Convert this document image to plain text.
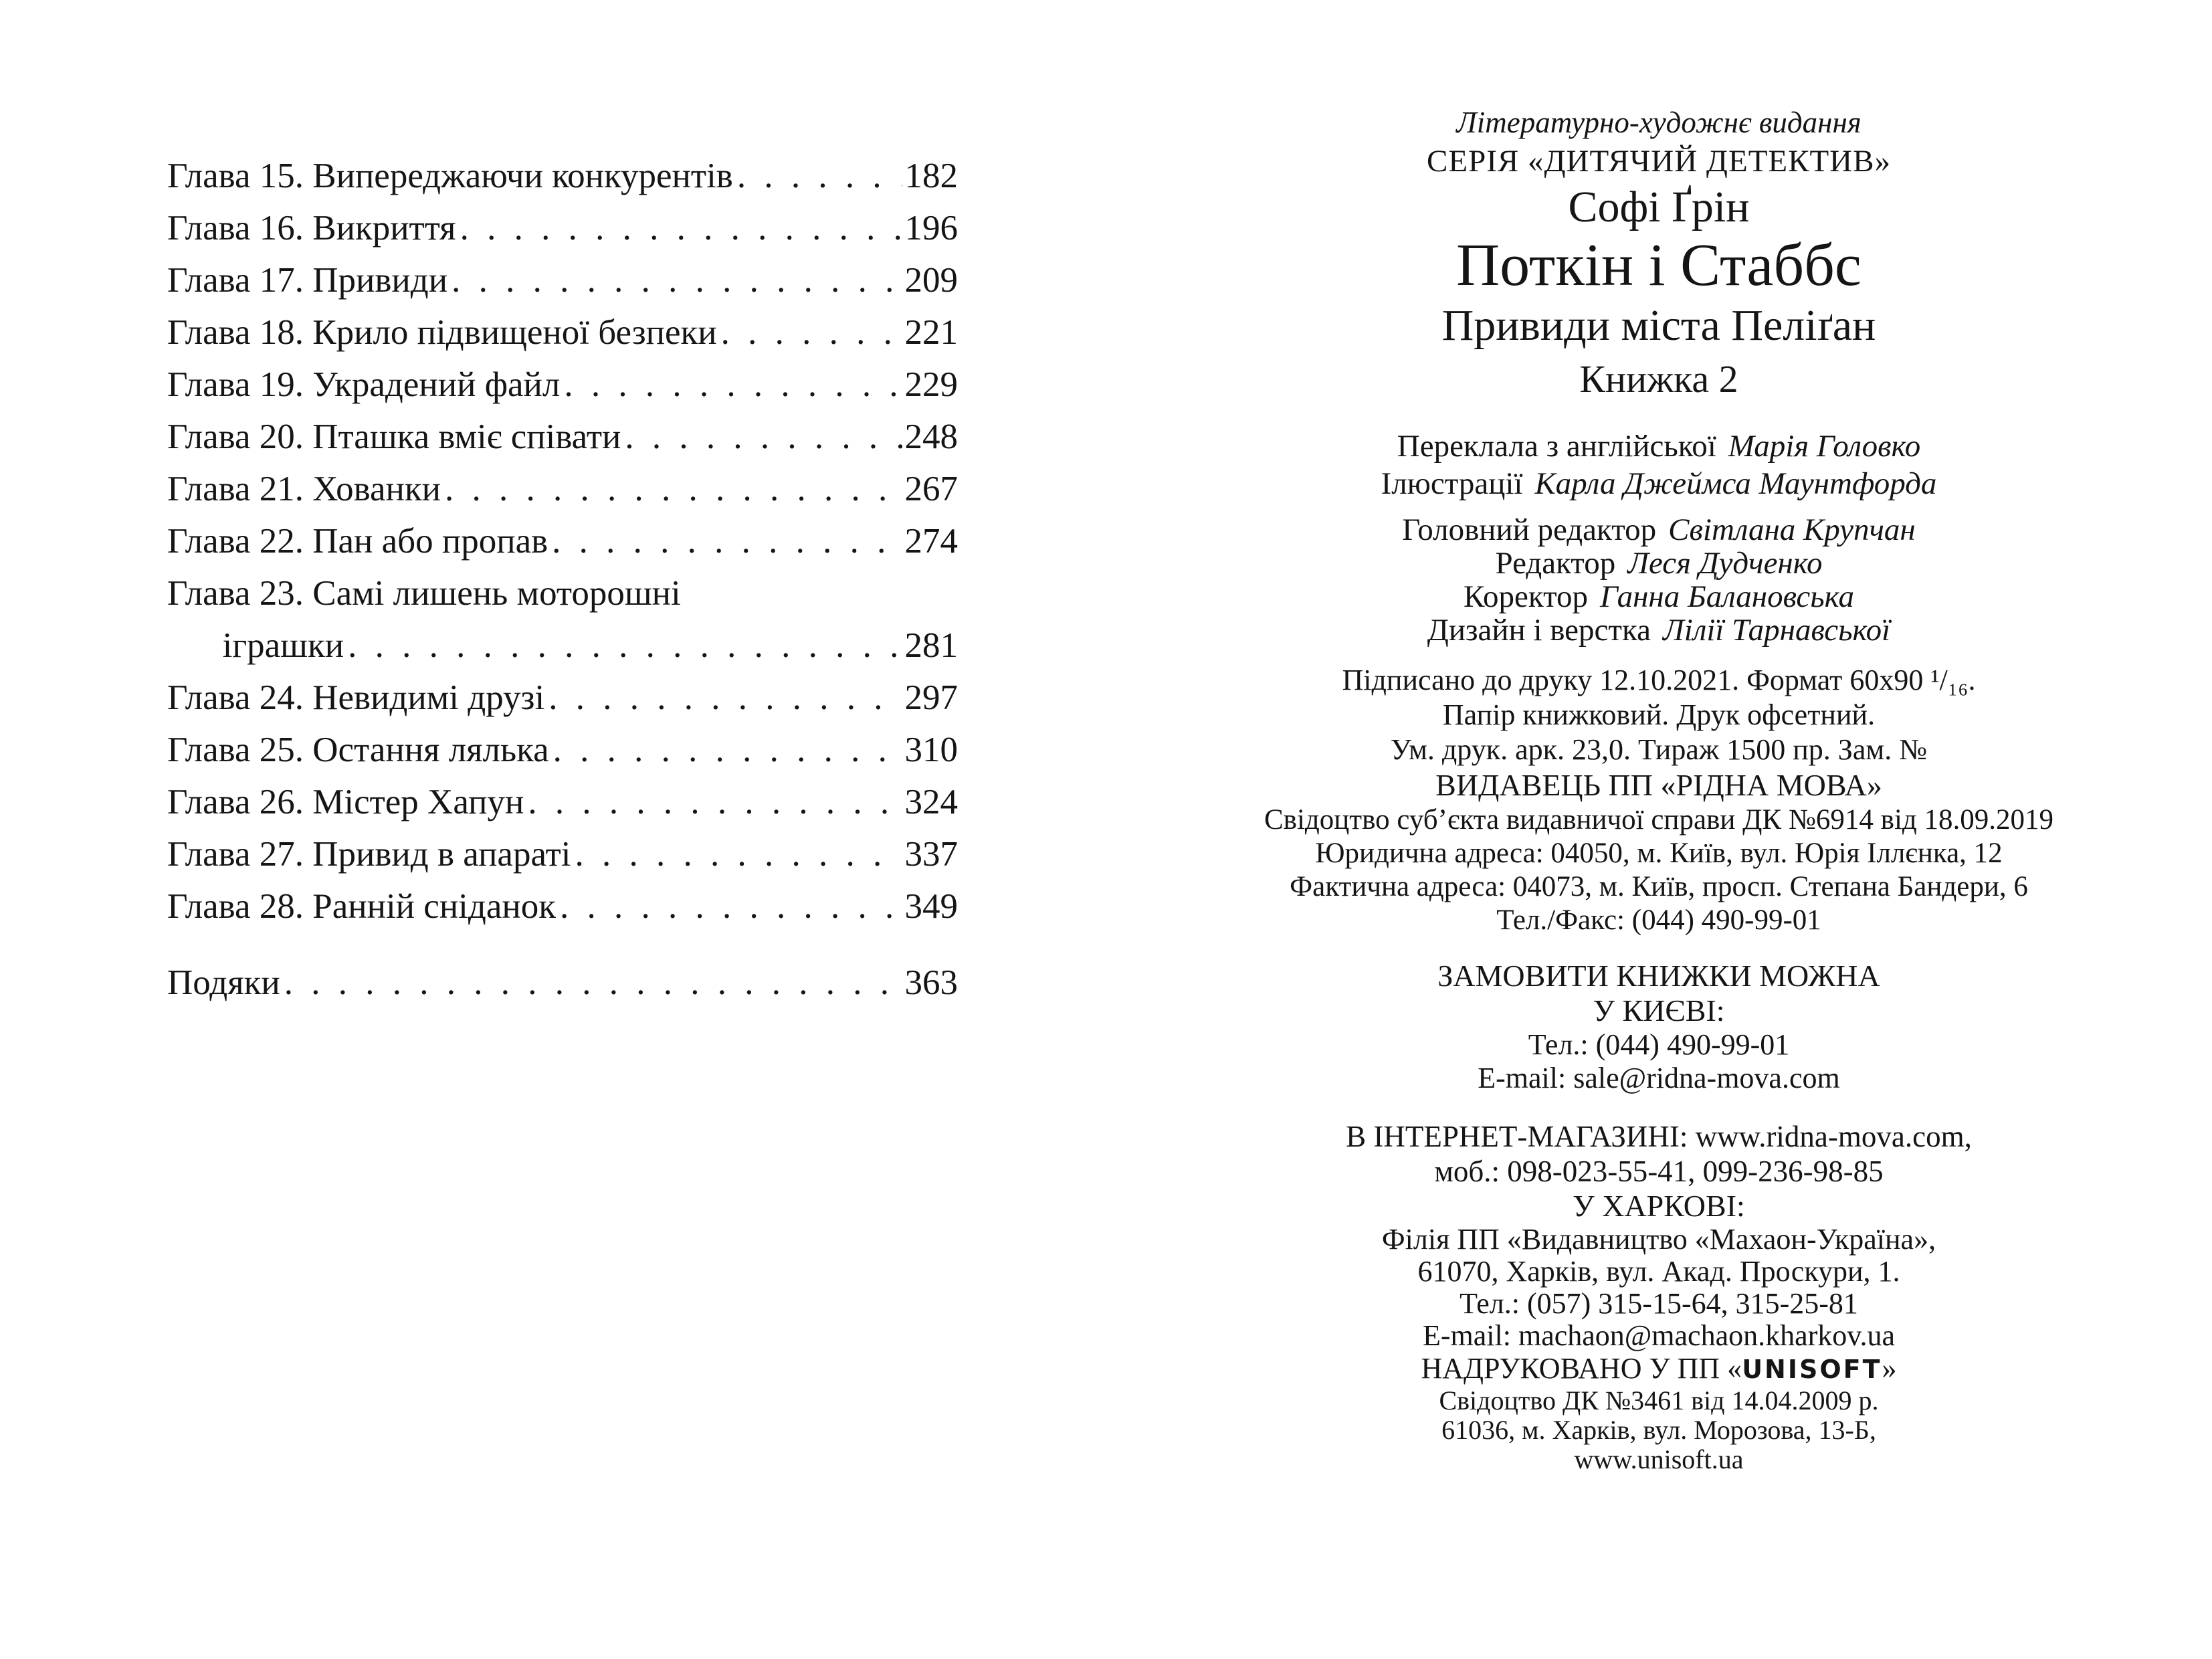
Глава 15. Випереджаючи конкурентів . . .	182
Глава 16. Викриття . . .	196
Глава 17. Привиди . . .	209
Глава 18. Крило підвищеної безпеки . . .	221
Глава 19. Украдений файл . . .	229
Глава 20. Пташка вміє співати . . .	248
Глава 21. Хованки . . .	267
Глава 22. Пан або пропав . . .	274
Глава 23. Самі лишень моторошні
іграшки . . .	281
Глава 24. Невидимі друзі . . .	297
Глава 25. Остання лялька . . .	310
Глава 26. Містер Хапун . . .	324
Глава 27. Привид в апараті . . .	337
Глава 28. Ранній сніданок . . .	349
Подяки . . .	363

Літературно-художнє видання

СЕРІЯ «ДИТЯЧИЙ ДЕТЕКТИВ»

Софі Ґрін

Поткін і Стаббс

Привиди міста Пеліґан

Книжка 2

Переклала з англійської Марія Головко

Ілюстрації Карла Джеймса Маунтфорда

Головний редактор Світлана Крупчан

Редактор Леся Дудченко

Коректор Ганна Балановська

Дизайн і верстка Лілії Тарнавської

Підписано до друку 12.10.2021. Формат 60х90 ¹/₁₆.

Папір книжковий. Друк офсетний.

Ум. друк. арк. 23,0. Тираж 1500 пр. Зам. №

ВИДАВЕЦЬ ПП «РІДНА МОВА»

Свідоцтво суб’єкта видавничої справи ДК №6914 від 18.09.2019

Юридична адреса: 04050, м. Київ, вул. Юрія Іллєнка, 12

Фактична адреса: 04073, м. Київ, просп. Степана Бандери, 6

Тел./Факс: (044) 490-99-01

ЗАМОВИТИ КНИЖКИ МОЖНА

У КИЄВІ:

Тел.: (044) 490-99-01

E-mail: sale@ridna-mova.com

В ІНТЕРНЕТ-МАГАЗИНІ: www.ridna-mova.com,

моб.: 098-023-55-41, 099-236-98-85

У ХАРКОВІ:

Філія ПП «Видавництво «Махаон-Україна»,

61070, Харків, вул. Акад. Проскури, 1.

Тел.: (057) 315-15-64, 315-25-81

E-mail: machaon@machaon.kharkov.ua

НАДРУКОВАНО У ПП «UNISOFT»

Свідоцтво ДК №3461 від 14.04.2009 р.

61036, м. Харків, вул. Морозова, 13-Б,

www.unisoft.ua
